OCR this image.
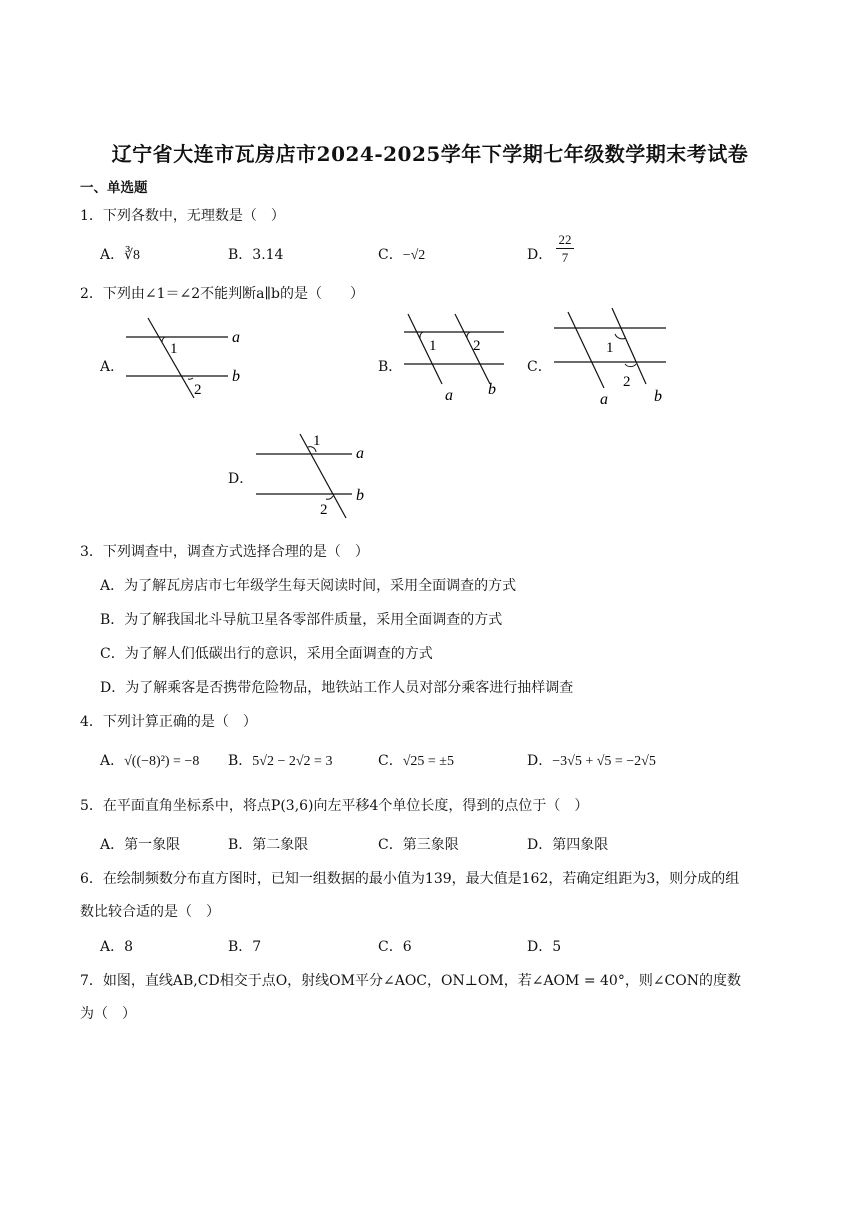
辽宁省大连市瓦房店市2024-2025学年下学期七年级数学期末考试卷
一、单选题
1．下列各数中，无理数是（　）
A．∛8	B．3.14	C．−√2	D． $\frac{22}{7}$
2．下列由∠1＝∠2不能判断a∥b的是（　　）
A．
1
2
a
b
B．
1 2
a b
C．
1
2
a	b
D．
1
2
a
b
3．下列调查中，调查方式选择合理的是（　）
A．为了解瓦房店市七年级学生每天阅读时间，采用全面调查的方式
B．为了解我国北斗导航卫星各零部件质量，采用全面调查的方式
C．为了解人们低碳出行的意识，采用全面调查的方式
D．为了解乘客是否携带危险物品，地铁站工作人员对部分乘客进行抽样调查
4．下列计算正确的是（　）
A．√((−8)²) = −8 B．5√2 − 2√2 = 3	C．√25 = ±5	D．−3√5 + √5 = −2√5
5．在平面直角坐标系中，将点P(3,6)向左平移4个单位长度，得到的点位于（　）
A．第一象限	B．第二象限	C．第三象限	D．第四象限
6．在绘制频数分布直方图时，已知一组数据的最小值为139，最大值是162，若确定组距为3，则分成的组
数比较合适的是（　）
A．8	B．7	C．6	D．5
7．如图，直线AB,CD相交于点O，射线OM平分∠AOC，ON⊥OM，若∠AOM = 40°，则∠CON的度数
为（　）
